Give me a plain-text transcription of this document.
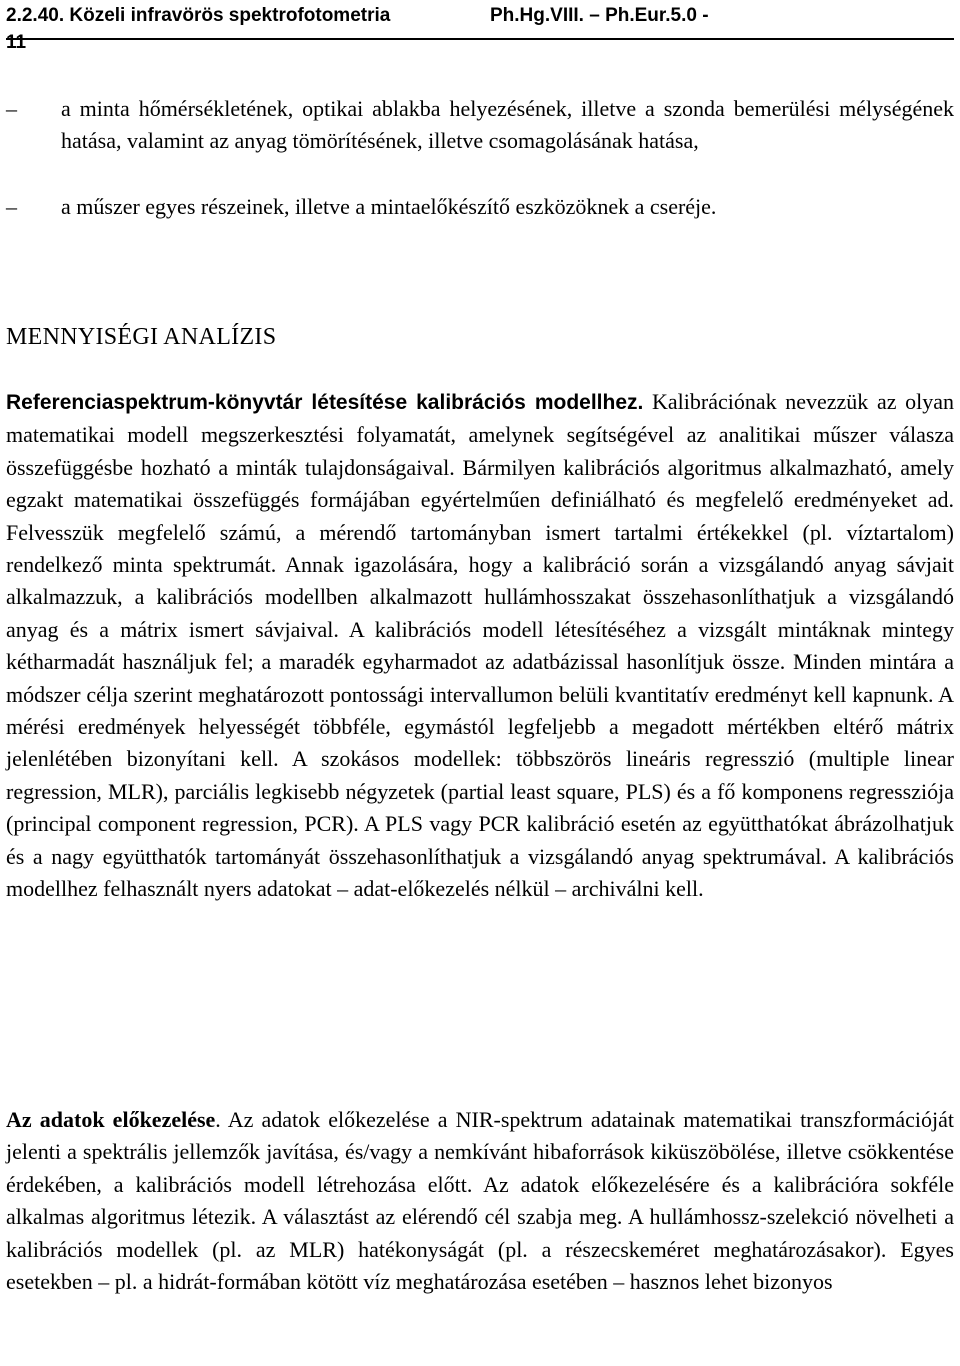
2.2.40. Közeli infravörös spektrofotometria	Ph.Hg.VIII. – Ph.Eur.5.0 -
11
– a minta hőmérsékletének, optikai ablakba helyezésének, illetve a szonda bemerülési mélységének hatása, valamint az anyag tömörítésének, illetve csomagolásának hatása,
– a műszer egyes részeinek, illetve a mintaelőkészítő eszközöknek a cseréje.
MENNYISÉGI ANALÍZIS

Referenciaspektrum-könyvtár létesítése kalibrációs modellhez. Kalibrációnak nevezzük az olyan matematikai modell megszerkesztési folyamatát, amelynek segítségével az analitikai műszer válasza összefüggésbe hozható a minták tulajdonságaival. Bármilyen kalibrációs algoritmus alkalmazható, amely egzakt matematikai összefüggés formájában egyértelműen definiálható és megfelelő eredményeket ad. Felvesszük megfelelő számú, a mérendő tartományban ismert tartalmi értékekkel (pl. víztartalom) rendelkező minta spektrumát. Annak igazolására, hogy a kalibráció során a vizsgálandó anyag sávjait alkalmazzuk, a kalibrációs modellben alkalmazott hullámhosszakat összehasonlíthatjuk a vizsgálandó anyag és a mátrix ismert sávjaival. A kalibrációs modell létesítéséhez a vizsgált mintáknak mintegy kétharmadát használjuk fel; a maradék egyharmadot az adatbázissal hasonlítjuk össze. Minden mintára a módszer célja szerint meghatározott pontossági intervallumon belüli kvantitatív eredményt kell kapnunk. A mérési eredmények helyességét többféle, egymástól legfeljebb a megadott mértékben eltérő mátrix jelenlétében bizonyítani kell. A szokásos modellek: többszörös lineáris regresszió (multiple linear regression, MLR), parciális legkisebb négyzetek (partial least square, PLS) és a fő komponens regressziója (principal component regression, PCR). A PLS vagy PCR kalibráció esetén az együtthatókat ábrázolhatjuk és a nagy együtthatók tartományát összehasonlíthatjuk a vizsgálandó anyag spektrumával. A kalibrációs modellhez felhasznált nyers adatokat – adat-előkezelés nélkül – archiválni kell.

Az adatok előkezelése. Az adatok előkezelése a NIR-spektrum adatainak matematikai transzformációját jelenti a spektrális jellemzők javítása, és/vagy a nemkívánt hibaforrások kiküszöbölése, illetve csökkentése érdekében, a kalibrációs modell létrehozása előtt. Az adatok előkezelésére és a kalibrációra sokféle alkalmas algoritmus létezik. A választást az elérendő cél szabja meg. A hullámhossz-szelekció növelheti a kalibrációs modellek (pl. az MLR) hatékonyságát (pl. a részecskeméret meghatározásakor). Egyes esetekben – pl. a hidrát-formában kötött víz meghatározása esetében – hasznos lehet bizonyos
